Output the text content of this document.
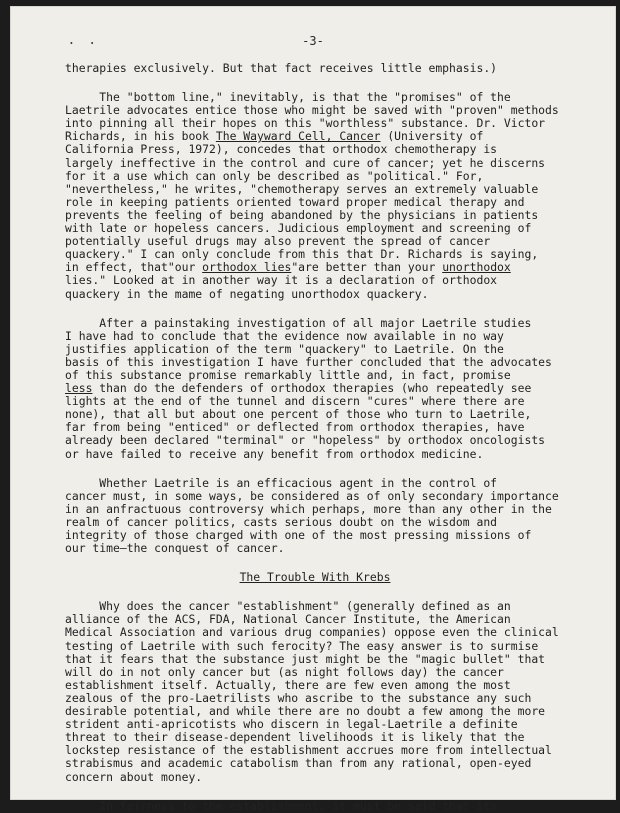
• •	-3-
therapies exclusively. But that fact receives little emphasis.)
The "bottom line," inevitably, is that the "promises" of the
Laetrile advocates entice those who might be saved with "proven" methods
into pinning all their hopes on this "worthless" substance. Dr. Victor
Richards, in his book The Wayward Cell, Cancer (University of
California Press, 1972), concedes that orthodox chemotherapy is
largely ineffective in the control and cure of cancer; yet he discerns
for it a use which can only be described as "political." For,
"nevertheless," he writes, "chemotherapy serves an extremely valuable
role in keeping patients oriented toward proper medical therapy and
prevents the feeling of being abandoned by the physicians in patients
with late or hopeless cancers. Judicious employment and screening of
potentially useful drugs may also prevent the spread of cancer
quackery." I can only conclude from this that Dr. Richards is saying,
in effect, that"our orthodox lies"are better than your unorthodox
lies." Looked at in another way it is a declaration of orthodox
quackery in the mame of negating unorthodox quackery.
After a painstaking investigation of all major Laetrile studies
I have had to conclude that the evidence now available in no way
justifies application of the term "quackery" to Laetrile. On the
basis of this investigation I have further concluded that the advocates
of this substance promise remarkably little and, in fact, promise
less than do the defenders of orthodox therapies (who repeatedly see
lights at the end of the tunnel and discern "cures" where there are
none), that all but about one percent of those who turn to Laetrile,
far from being "enticed" or deflected from orthodox therapies, have
already been declared "terminal" or "hopeless" by orthodox oncologists
or have failed to receive any benefit from orthodox medicine.
Whether Laetrile is an efficacious agent in the control of
cancer must, in some ways, be considered as of only secondary importance
in an anfractuous controversy which perhaps, more than any other in the
realm of cancer politics, casts serious doubt on the wisdom and
integrity of those charged with one of the most pressing missions of
our time—the conquest of cancer.
The Trouble With Krebs
Why does the cancer "establishment" (generally defined as an
alliance of the ACS, FDA, National Cancer Institute, the American
Medical Association and various drug companies) oppose even the clinical
testing of Laetrile with such ferocity? The easy answer is to surmise
that it fears that the substance just might be the "magic bullet" that
will do in not only cancer but (as night follows day) the cancer
establishment itself. Actually, there are few even among the most
zealous of the pro-Laetrilists who ascribe to the substance any such
desirable potential, and while there are no doubt a few among the more
strident anti-apricotists who discern in legal-Laetrile a definite
threat to their disease-dependent livelihoods it is likely that the
lockstep resistance of the establishment accrues more from intellectual
strabismus and academic catabolism than from any rational, open-eyed
concern about money.
In fairness to the establishment, it must be said that its
